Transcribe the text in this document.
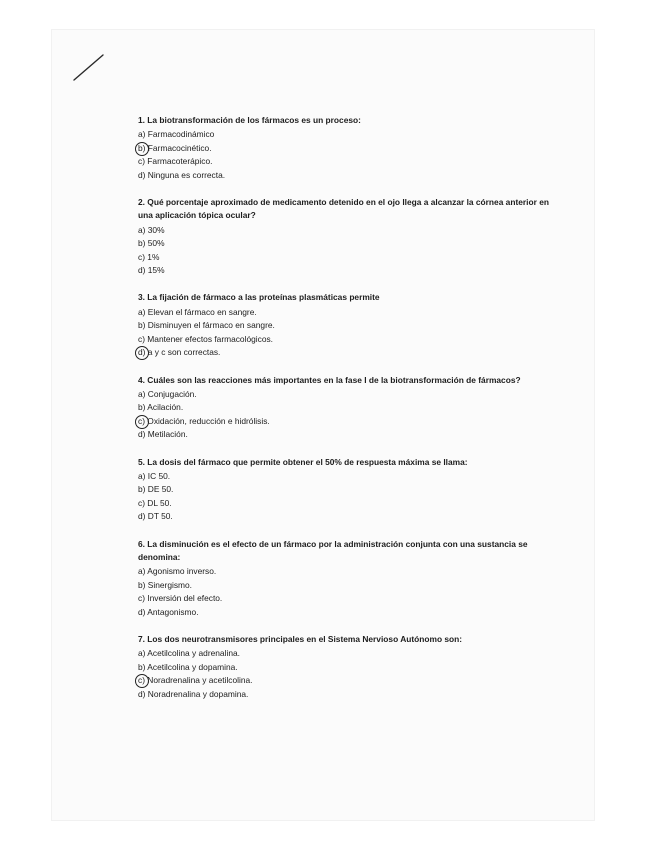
1. La biotransformación de los fármacos es un proceso:
a) Farmacodinámico
b) Farmacocinético.
c) Farmacoterápico.
d) Ninguna es correcta.
2. Qué porcentaje aproximado de medicamento detenido en el ojo llega a alcanzar la córnea anterior en una aplicación tópica ocular?
a) 30%
b) 50%
c) 1%
d) 15%
3. La fijación de fármaco a las proteínas plasmáticas permite
a) Elevan el fármaco en sangre.
b) Disminuyen el fármaco en sangre.
c) Mantener efectos farmacológicos.
d) a y c son correctas.
4. Cuáles son las reacciones más importantes en la fase I de la biotransformación de fármacos?
a) Conjugación.
b) Acilación.
c) Oxidación, reducción e hidrólisis.
d) Metilación.
5. La dosis del fármaco que permite obtener el 50% de respuesta máxima se llama:
a) IC 50.
b) DE 50.
c) DL 50.
d) DT 50.
6. La disminución es el efecto de un fármaco por la administración conjunta con una sustancia se denomina:
a) Agonismo inverso.
b) Sinergismo.
c) Inversión del efecto.
d) Antagonismo.
7. Los dos neurotransmisores principales en el Sistema Nervioso Autónomo son:
a) Acetilcolina y adrenalina.
b) Acetilcolina y dopamina.
c) Noradrenalina y acetilcolina.
d) Noradrenalina y dopamina.
